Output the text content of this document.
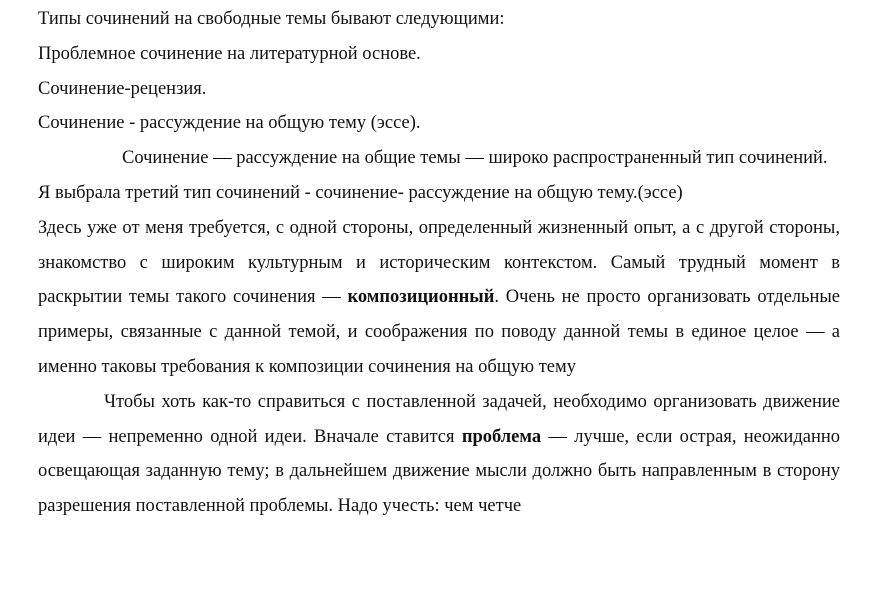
Типы сочинений на свободные темы бывают следующими:

Проблемное сочинение на литературной основе.

Сочинение-рецензия.

Сочинение - рассуждение на общую тему (эссе).

Сочинение — рассуждение на общие темы — широко распространенный тип сочинений.

Я выбрала третий тип сочинений - сочинение- рассуждение на общую тему.(эссе)

Здесь уже от меня требуется, с одной стороны, определенный жизненный опыт, а с другой стороны, знакомство с широким культурным и историческим контекстом. Самый трудный момент в раскрытии темы такого сочинения — композиционный. Очень не просто организовать отдельные примеры, связанные с данной темой, и соображения по поводу данной темы в единое целое — а именно таковы требования к композиции сочинения на общую тему

Чтобы хоть как-то справиться с поставленной задачей, необходимо организовать движение идеи — непременно одной идеи. Вначале ставится проблема — лучше, если острая, неожиданно освещающая заданную тему; в дальнейшем движение мысли должно быть направленным в сторону разрешения поставленной проблемы. Надо учесть: чем четче
